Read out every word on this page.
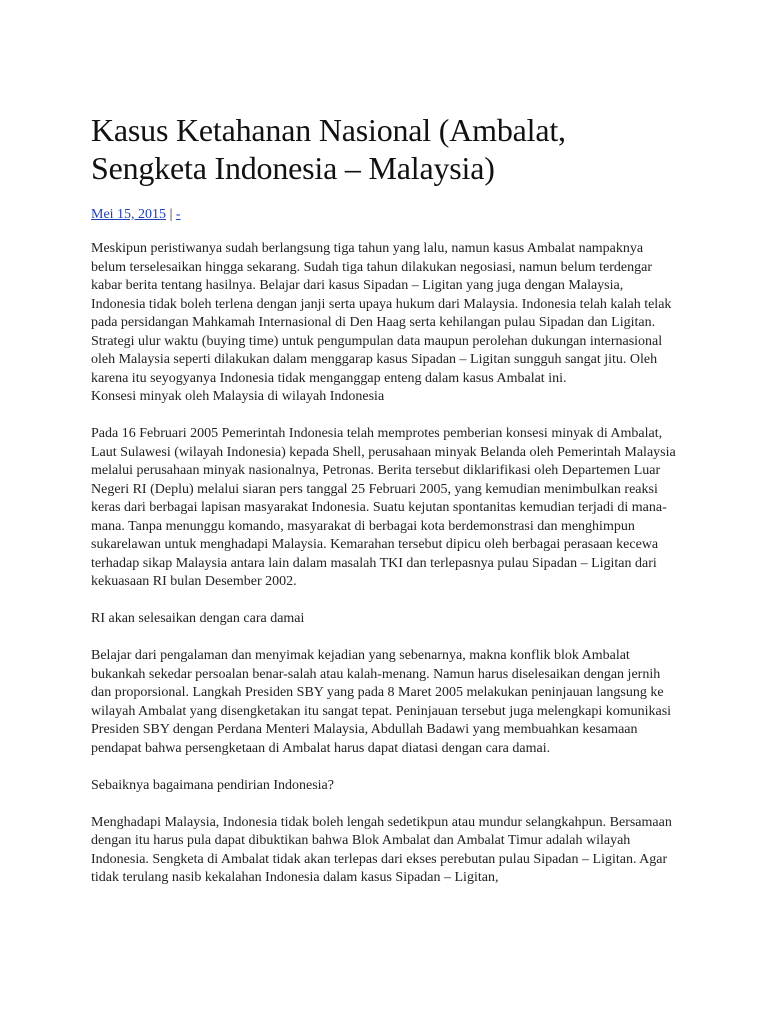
Kasus Ketahanan Nasional (Ambalat, Sengketa Indonesia – Malaysia)
Mei 15, 2015 | -

Meskipun peristiwanya sudah berlangsung tiga tahun yang lalu, namun kasus Ambalat nampaknya belum terselesaikan hingga sekarang. Sudah tiga tahun dilakukan negosiasi, namun belum terdengar kabar berita tentang hasilnya. Belajar dari kasus Sipadan – Ligitan yang juga dengan Malaysia, Indonesia tidak boleh terlena dengan janji serta upaya hukum dari Malaysia. Indonesia telah kalah telak pada persidangan Mahkamah Internasional di Den Haag serta kehilangan pulau Sipadan dan Ligitan. Strategi ulur waktu (buying time) untuk pengumpulan data maupun perolehan dukungan internasional oleh Malaysia seperti dilakukan dalam menggarap kasus Sipadan – Ligitan sungguh sangat jitu. Oleh karena itu seyogyanya Indonesia tidak menganggap enteng dalam kasus Ambalat ini.

Konsesi minyak oleh Malaysia di wilayah Indonesia

Pada 16 Februari 2005 Pemerintah Indonesia telah memprotes pemberian konsesi minyak di Ambalat, Laut Sulawesi (wilayah Indonesia) kepada Shell, perusahaan minyak Belanda oleh Pemerintah Malaysia melalui perusahaan minyak nasionalnya, Petronas. Berita tersebut diklarifikasi oleh Departemen Luar Negeri RI (Deplu) melalui siaran pers tanggal 25 Februari 2005, yang kemudian menimbulkan reaksi keras dari berbagai lapisan masyarakat Indonesia. Suatu kejutan spontanitas kemudian terjadi di mana-mana. Tanpa menunggu komando, masyarakat di berbagai kota berdemonstrasi dan menghimpun sukarelawan untuk menghadapi Malaysia. Kemarahan tersebut dipicu oleh berbagai perasaan kecewa terhadap sikap Malaysia antara lain dalam masalah TKI dan terlepasnya pulau Sipadan – Ligitan dari kekuasaan RI bulan Desember 2002.

RI akan selesaikan dengan cara damai

Belajar dari pengalaman dan menyimak kejadian yang sebenarnya, makna konflik blok Ambalat bukankah sekedar persoalan benar-salah atau kalah-menang. Namun harus diselesaikan dengan jernih dan proporsional. Langkah Presiden SBY yang pada 8 Maret 2005 melakukan peninjauan langsung ke wilayah Ambalat yang disengketakan itu sangat tepat. Peninjauan tersebut juga melengkapi komunikasi Presiden SBY dengan Perdana Menteri Malaysia, Abdullah Badawi yang membuahkan kesamaan pendapat bahwa persengketaan di Ambalat harus dapat diatasi dengan cara damai.

Sebaiknya bagaimana pendirian Indonesia?

Menghadapi Malaysia, Indonesia tidak boleh lengah sedetikpun atau mundur selangkahpun. Bersamaan dengan itu harus pula dapat dibuktikan bahwa Blok Ambalat dan Ambalat Timur adalah wilayah Indonesia. Sengketa di Ambalat tidak akan terlepas dari ekses perebutan pulau Sipadan – Ligitan. Agar tidak terulang nasib kekalahan Indonesia dalam kasus Sipadan – Ligitan,
